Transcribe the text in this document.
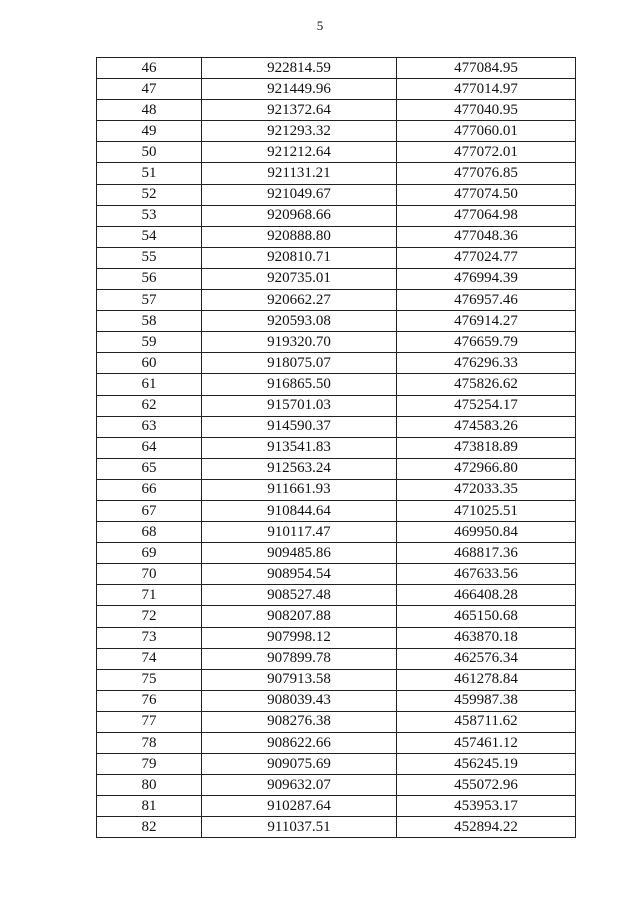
5
46	922814.59	477084.95
47	921449.96	477014.97
48	921372.64	477040.95
49	921293.32	477060.01
50	921212.64	477072.01
51	921131.21	477076.85
52	921049.67	477074.50
53	920968.66	477064.98
54	920888.80	477048.36
55	920810.71	477024.77
56	920735.01	476994.39
57	920662.27	476957.46
58	920593.08	476914.27
59	919320.70	476659.79
60	918075.07	476296.33
61	916865.50	475826.62
62	915701.03	475254.17
63	914590.37	474583.26
64	913541.83	473818.89
65	912563.24	472966.80
66	911661.93	472033.35
67	910844.64	471025.51
68	910117.47	469950.84
69	909485.86	468817.36
70	908954.54	467633.56
71	908527.48	466408.28
72	908207.88	465150.68
73	907998.12	463870.18
74	907899.78	462576.34
75	907913.58	461278.84
76	908039.43	459987.38
77	908276.38	458711.62
78	908622.66	457461.12
79	909075.69	456245.19
80	909632.07	455072.96
81	910287.64	453953.17
82	911037.51	452894.22
